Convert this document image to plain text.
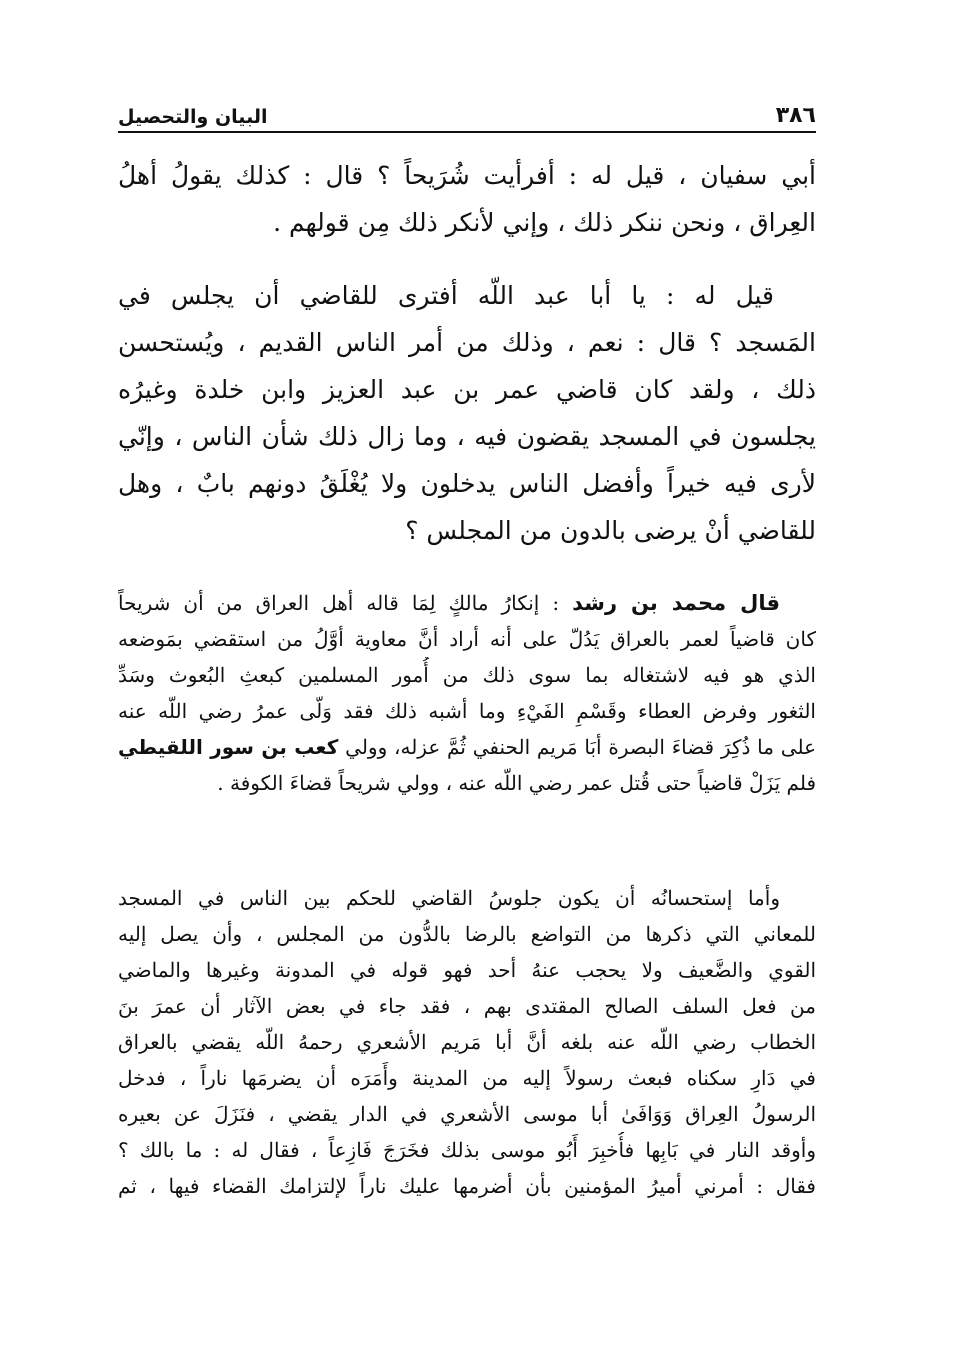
٣٨٦
البيان والتحصيل
أبي سفيان ، قيل له : أفرأيت شُرَيحاً ؟ قال : كذلك يقولُ أهلُ
العِراق ، ونحن ننكر ذلك ، وإني لأنكر ذلك مِن قولهم .
قيل له : يا أبا عبد اللّه أفترى للقاضي أن يجلس في
المَسجد ؟ قال : نعم ، وذلك من أمر الناس القديم ، ويُستحسن
ذلك ، ولقد كان قاضي عمر بن عبد العزيز وابن خلدة وغيرُه
يجلسون في المسجد يقضون فيه ، وما زال ذلك شأن الناس ، وإنّي
لأرى فيه خيراً وأفضل الناس يدخلون ولا يُغْلَقُ دونهم بابٌ ، وهل
للقاضي أنْ يرضى بالدون من المجلس ؟
قال محمد بن رشد : إنكارُ مالكٍ لِمَا قاله أهل العراق من أن شريحاً
كان قاضياً لعمر بالعراق يَدُلّ على أنه أراد أنَّ معاوية أوَّلُ من استقضي بمَوضعه
الذي هو فيه لاشتغاله بما سوى ذلك من أُمور المسلمين كبعثِ البُعوث وسَدِّ
الثغور وفرض العطاء وقَسْمِ الفَيْءِ وما أشبه ذلك فقد وَلّى عمرُ رضي اللّه عنه
على ما ذُكِرَ قضاءَ البصرة أبَا مَريم الحنفي ثُمَّ عزله، وولي كعب بن سور اللقيطي
فلم يَزَلْ قاضياً حتى قُتل عمر رضي اللّه عنه ، وولي شريحاً قضاءَ الكوفة .
وأما إستحسانُه أن يكون جلوسُ القاضي للحكم بين الناس في المسجد
للمعاني التي ذكرها من التواضع بالرضا بالدُّون من المجلس ، وأن يصل إليه
القوي والضَّعيف ولا يحجب عنهُ أحد فهو قوله في المدونة وغيرها والماضي
من فعل السلف الصالح المقتدى بهم ، فقد جاء في بعض الآثار أن عمرَ بنَ
الخطاب رضي اللّه عنه بلغه أنَّ أبا مَريم الأشعري رحمهُ اللّه يقضي بالعراق
في دَارِ سكناه فبعث رسولاً إليه من المدينة وأَمَرَه أن يضرمَها ناراً ، فدخل
الرسولُ العِراق وَوَافَىٰ أبا موسى الأشعري في الدار يقضي ، فنَزَلَ عن بعيره
وأوقد النار في بَابِها فأُخبِرَ أَبُو موسى بذلك فخَرَجَ فَازِعاً ، فقال له : ما بالك ؟
فقال : أمرني أميرُ المؤمنين بأن أضرمها عليك ناراً لإلتزامك القضاء فيها ، ثم
